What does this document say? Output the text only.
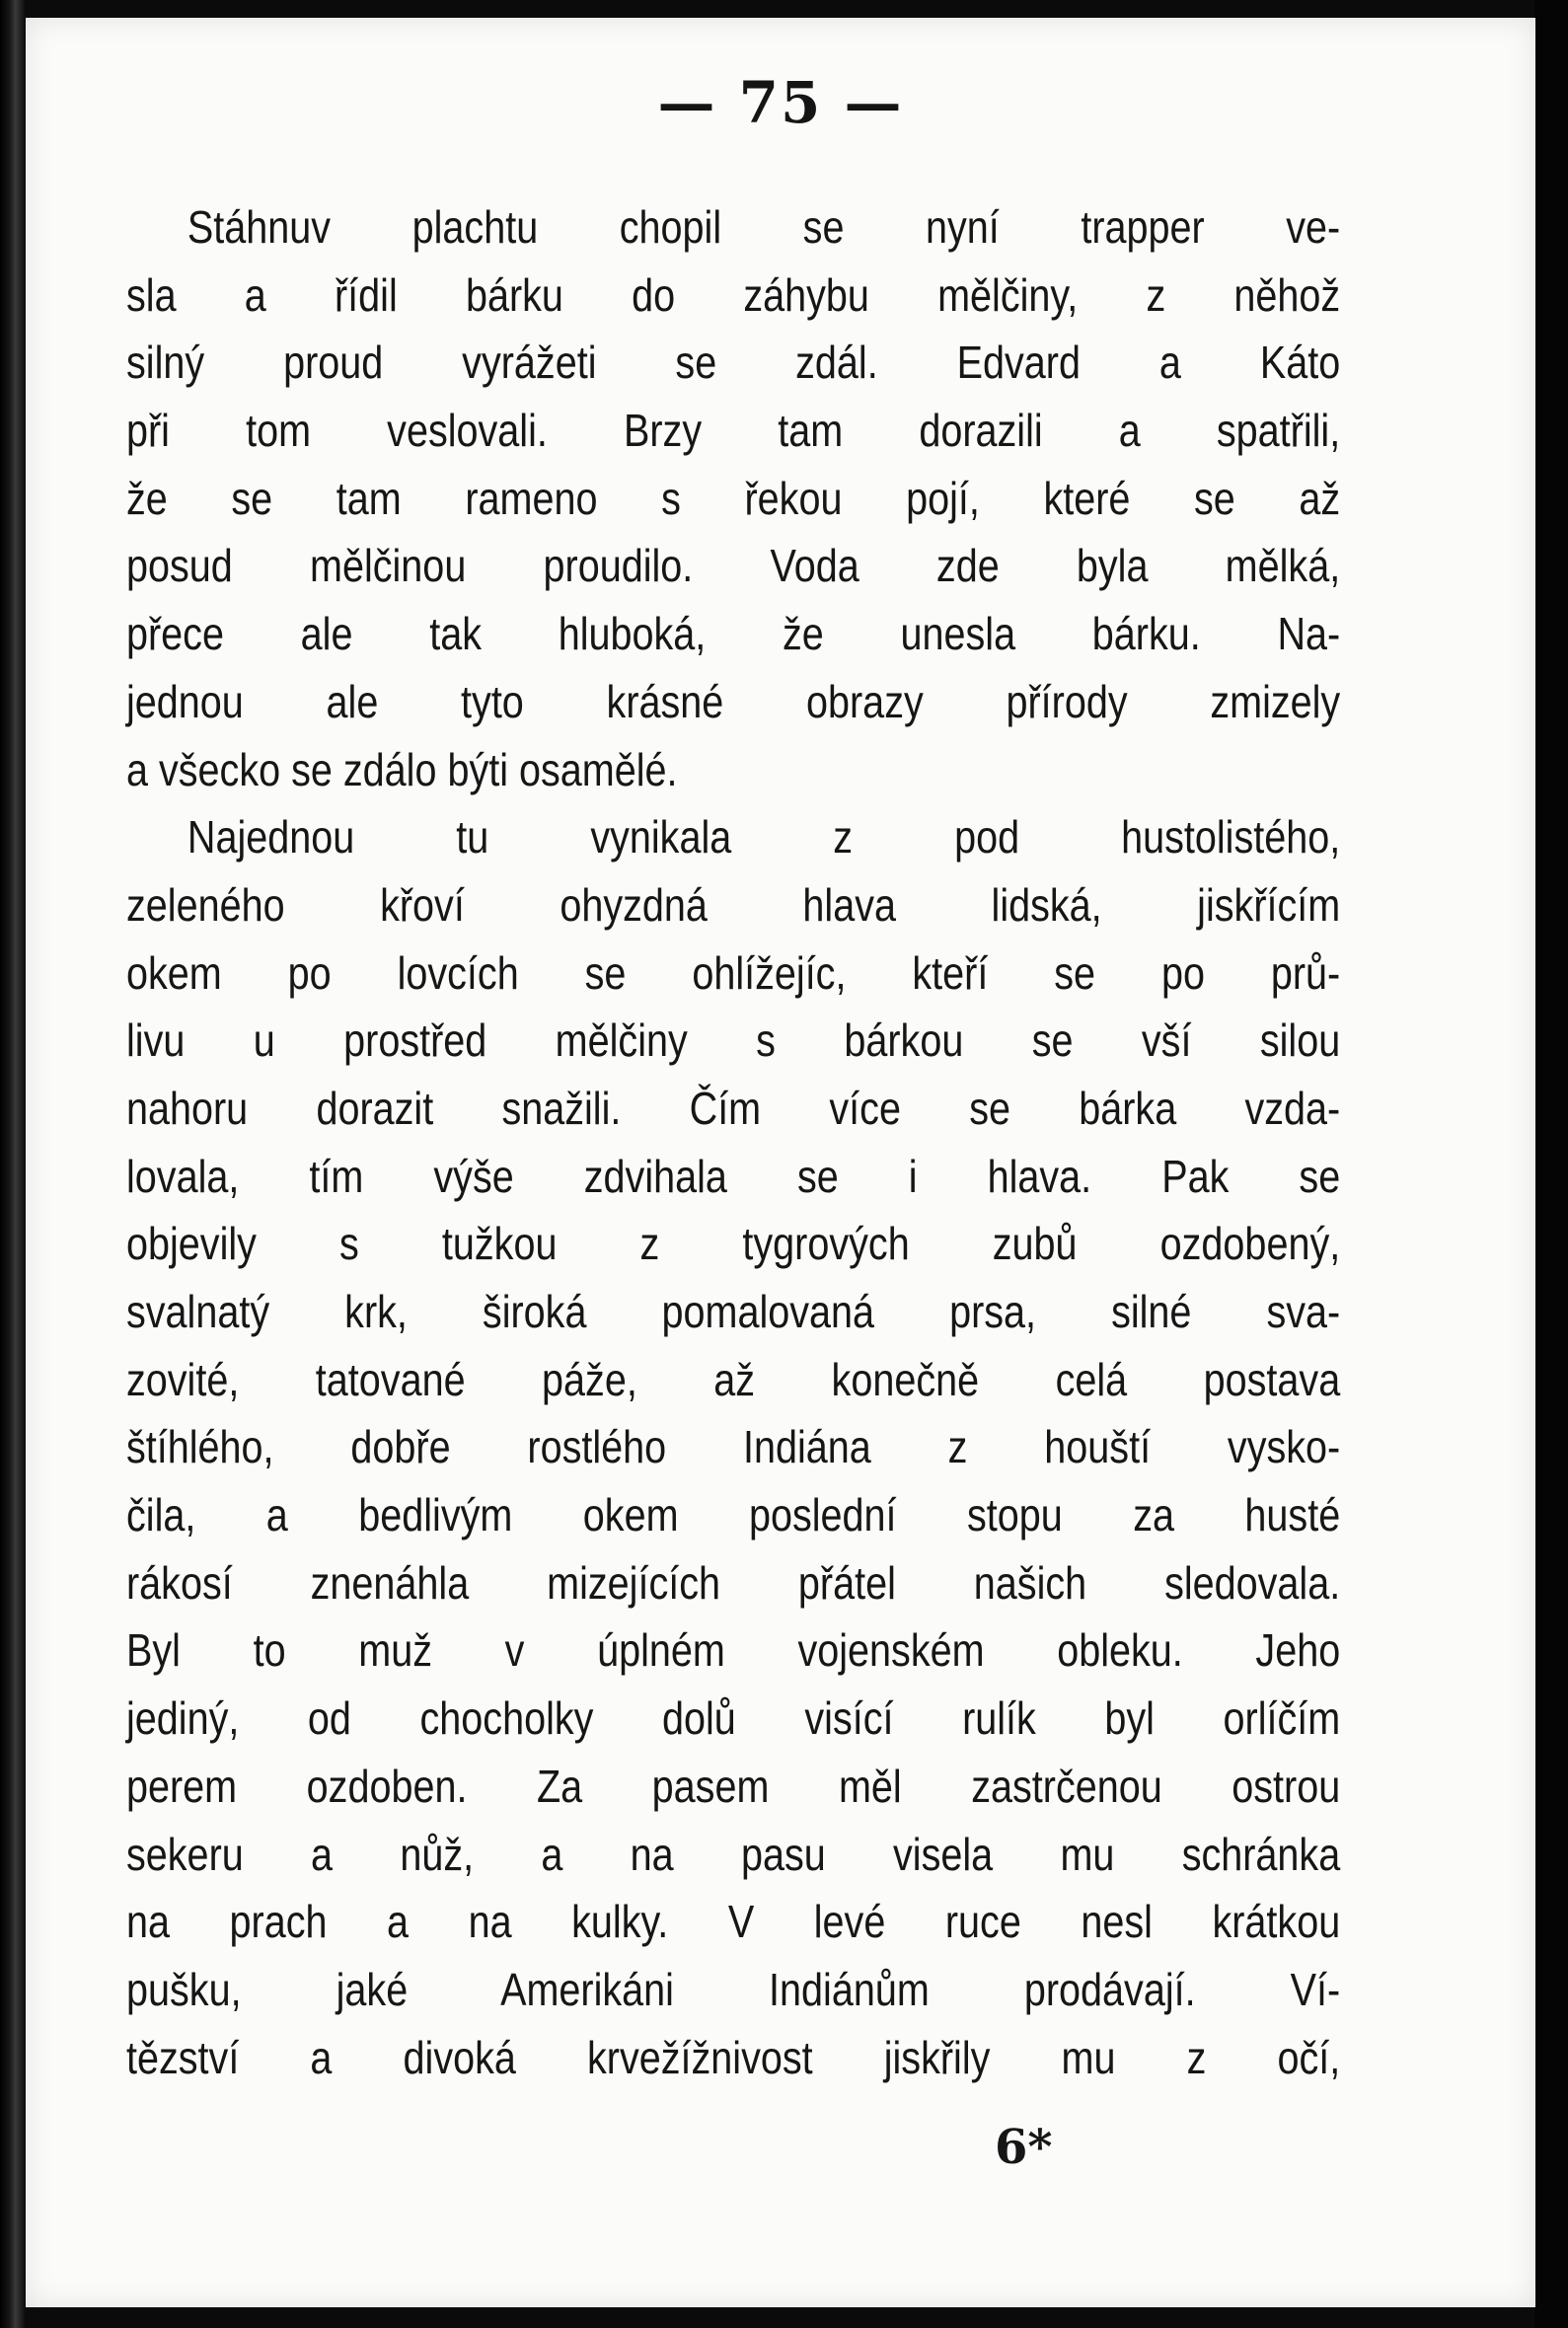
— 75 —

Stáhnuv plachtu chopil se nyní trapper ve-
sla a řídil bárku do záhybu mělčiny, z něhož
silný proud vyrážeti se zdál. Edvard a Káto
při tom veslovali. Brzy tam dorazili a spatřili,
že se tam rameno s řekou pojí, které se až
posud mělčinou proudilo. Voda zde byla mělká,
přece ale tak hluboká, že unesla bárku. Na-
jednou ale tyto krásné obrazy přírody zmizely
a všecko se zdálo býti osamělé.
Najednou tu vynikala z pod hustolistého,
zeleného křoví ohyzdná hlava lidská, jiskřícím
okem po lovcích se ohlížejíc, kteří se po prů-
livu u prostřed mělčiny s bárkou se vší silou
nahoru dorazit snažili. Čím více se bárka vzda-
lovala, tím výše zdvihala se i hlava. Pak se
objevily s tužkou z tygrových zubů ozdobený,
svalnatý krk, široká pomalovaná prsa, silné sva-
zovité, tatované páže, až konečně celá postava
štíhlého, dobře rostlého Indiána z houští vysko-
čila, a bedlivým okem poslední stopu za husté
rákosí znenáhla mizejících přátel našich sledovala.
Byl to muž v úplném vojenském obleku. Jeho
jediný, od chocholky dolů visící rulík byl orlíčím
perem ozdoben. Za pasem měl zastrčenou ostrou
sekeru a nůž, a na pasu visela mu schránka
na prach a na kulky. V levé ruce nesl krátkou
pušku, jaké Amerikáni Indiánům prodávají. Ví-
tězství a divoká krvežížnivost jiskřily mu z očí,

6*
